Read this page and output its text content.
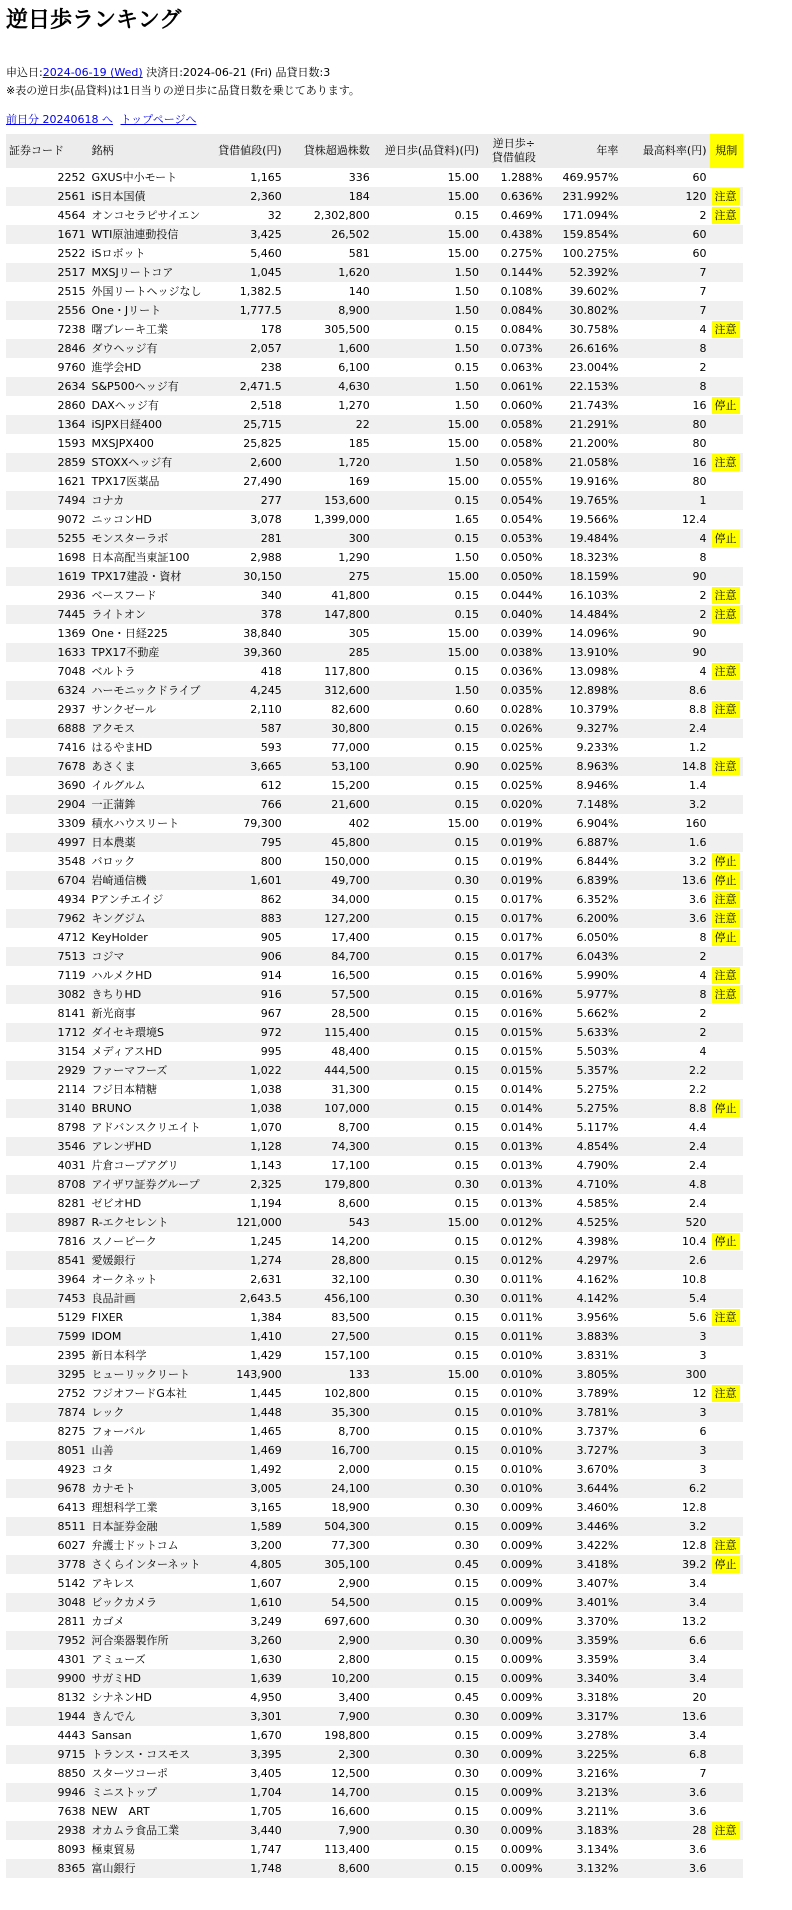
逆日歩ランキング
申込日:2024-06-19 (Wed) 決済日:2024-06-21 (Fri) 品貸日数:3
※表の逆日歩(品貸料)は1日当りの逆日歩に品貸日数を乗じてあります。
前日分 20240618 へ トップページへ
証券コード	銘柄	貸借値段(円)	貸株超過株数	逆日歩(品貸料)(円)	逆日歩÷
貸借値段	年率	最高料率(円)	規制
2252	GXUS中小モート	1,165	336	15.00	1.288%	469.957%	60	
2561	iS日本国債	2,360	184	15.00	0.636%	231.992%	120	注意
4564	オンコセラピサイエン	32	2,302,800	0.15	0.469%	171.094%	2	注意
1671	WTI原油連動投信	3,425	26,502	15.00	0.438%	159.854%	60	
2522	iSロボット	5,460	581	15.00	0.275%	100.275%	60	
2517	MXSJリートコア	1,045	1,620	1.50	0.144%	52.392%	7	
2515	外国リートヘッジなし	1,382.5	140	1.50	0.108%	39.602%	7	
2556	One・Jリート	1,777.5	8,900	1.50	0.084%	30.802%	7	
7238	曙ブレーキ工業	178	305,500	0.15	0.084%	30.758%	4	注意
2846	ダウヘッジ有	2,057	1,600	1.50	0.073%	26.616%	8	
9760	進学会HD	238	6,100	0.15	0.063%	23.004%	2	
2634	S&P500ヘッジ有	2,471.5	4,630	1.50	0.061%	22.153%	8	
2860	DAXヘッジ有	2,518	1,270	1.50	0.060%	21.743%	16	停止
1364	iSJPX日経400	25,715	22	15.00	0.058%	21.291%	80	
1593	MXSJPX400	25,825	185	15.00	0.058%	21.200%	80	
2859	STOXXヘッジ有	2,600	1,720	1.50	0.058%	21.058%	16	注意
1621	TPX17医薬品	27,490	169	15.00	0.055%	19.916%	80	
7494	コナカ	277	153,600	0.15	0.054%	19.765%	1	
9072	ニッコンHD	3,078	1,399,000	1.65	0.054%	19.566%	12.4	
5255	モンスターラボ	281	300	0.15	0.053%	19.484%	4	停止
1698	日本高配当東証100	2,988	1,290	1.50	0.050%	18.323%	8	
1619	TPX17建設・資材	30,150	275	15.00	0.050%	18.159%	90	
2936	ベースフード	340	41,800	0.15	0.044%	16.103%	2	注意
7445	ライトオン	378	147,800	0.15	0.040%	14.484%	2	注意
1369	One・日経225	38,840	305	15.00	0.039%	14.096%	90	
1633	TPX17不動産	39,360	285	15.00	0.038%	13.910%	90	
7048	ベルトラ	418	117,800	0.15	0.036%	13.098%	4	注意
6324	ハーモニックドライブ	4,245	312,600	1.50	0.035%	12.898%	8.6	
2937	サンクゼール	2,110	82,600	0.60	0.028%	10.379%	8.8	注意
6888	アクモス	587	30,800	0.15	0.026%	9.327%	2.4	
7416	はるやまHD	593	77,000	0.15	0.025%	9.233%	1.2	
7678	あさくま	3,665	53,100	0.90	0.025%	8.963%	14.8	注意
3690	イルグルム	612	15,200	0.15	0.025%	8.946%	1.4	
2904	一正蒲鉾	766	21,600	0.15	0.020%	7.148%	3.2	
3309	積水ハウスリート	79,300	402	15.00	0.019%	6.904%	160	
4997	日本農薬	795	45,800	0.15	0.019%	6.887%	1.6	
3548	バロック	800	150,000	0.15	0.019%	6.844%	3.2	停止
6704	岩崎通信機	1,601	49,700	0.30	0.019%	6.839%	13.6	停止
4934	Pアンチエイジ	862	34,000	0.15	0.017%	6.352%	3.6	注意
7962	キングジム	883	127,200	0.15	0.017%	6.200%	3.6	注意
4712	KeyHolder	905	17,400	0.15	0.017%	6.050%	8	停止
7513	コジマ	906	84,700	0.15	0.017%	6.043%	2	
7119	ハルメクHD	914	16,500	0.15	0.016%	5.990%	4	注意
3082	きちりHD	916	57,500	0.15	0.016%	5.977%	8	注意
8141	新光商事	967	28,500	0.15	0.016%	5.662%	2	
1712	ダイセキ環境S	972	115,400	0.15	0.015%	5.633%	2	
3154	メディアスHD	995	48,400	0.15	0.015%	5.503%	4	
2929	ファーマフーズ	1,022	444,500	0.15	0.015%	5.357%	2.2	
2114	フジ日本精糖	1,038	31,300	0.15	0.014%	5.275%	2.2	
3140	BRUNO	1,038	107,000	0.15	0.014%	5.275%	8.8	停止
8798	アドバンスクリエイト	1,070	8,700	0.15	0.014%	5.117%	4.4	
3546	アレンザHD	1,128	74,300	0.15	0.013%	4.854%	2.4	
4031	片倉コープアグリ	1,143	17,100	0.15	0.013%	4.790%	2.4	
8708	アイザワ証券グループ	2,325	179,800	0.30	0.013%	4.710%	4.8	
8281	ゼビオHD	1,194	8,600	0.15	0.013%	4.585%	2.4	
8987	R-エクセレント	121,000	543	15.00	0.012%	4.525%	520	
7816	スノーピーク	1,245	14,200	0.15	0.012%	4.398%	10.4	停止
8541	愛媛銀行	1,274	28,800	0.15	0.012%	4.297%	2.6	
3964	オークネット	2,631	32,100	0.30	0.011%	4.162%	10.8	
7453	良品計画	2,643.5	456,100	0.30	0.011%	4.142%	5.4	
5129	FIXER	1,384	83,500	0.15	0.011%	3.956%	5.6	注意
7599	IDOM	1,410	27,500	0.15	0.011%	3.883%	3	
2395	新日本科学	1,429	157,100	0.15	0.010%	3.831%	3	
3295	ヒューリックリート	143,900	133	15.00	0.010%	3.805%	300	
2752	フジオフードG本社	1,445	102,800	0.15	0.010%	3.789%	12	注意
7874	レック	1,448	35,300	0.15	0.010%	3.781%	3	
8275	フォーバル	1,465	8,700	0.15	0.010%	3.737%	6	
8051	山善	1,469	16,700	0.15	0.010%	3.727%	3	
4923	コタ	1,492	2,000	0.15	0.010%	3.670%	3	
9678	カナモト	3,005	24,100	0.30	0.010%	3.644%	6.2	
6413	理想科学工業	3,165	18,900	0.30	0.009%	3.460%	12.8	
8511	日本証券金融	1,589	504,300	0.15	0.009%	3.446%	3.2	
6027	弁護士ドットコム	3,200	77,300	0.30	0.009%	3.422%	12.8	注意
3778	さくらインターネット	4,805	305,100	0.45	0.009%	3.418%	39.2	停止
5142	アキレス	1,607	2,900	0.15	0.009%	3.407%	3.4	
3048	ビックカメラ	1,610	54,500	0.15	0.009%	3.401%	3.4	
2811	カゴメ	3,249	697,600	0.30	0.009%	3.370%	13.2	
7952	河合楽器製作所	3,260	2,900	0.30	0.009%	3.359%	6.6	
4301	アミューズ	1,630	2,800	0.15	0.009%	3.359%	3.4	
9900	サガミHD	1,639	10,200	0.15	0.009%	3.340%	3.4	
8132	シナネンHD	4,950	3,400	0.45	0.009%	3.318%	20	
1944	きんでん	3,301	7,900	0.30	0.009%	3.317%	13.6	
4443	Sansan	1,670	198,800	0.15	0.009%	3.278%	3.4	
9715	トランス・コスモス	3,395	2,300	0.30	0.009%	3.225%	6.8	
8850	スターツコーポ	3,405	12,500	0.30	0.009%	3.216%	7	
9946	ミニストップ	1,704	14,700	0.15	0.009%	3.213%	3.6	
7638	NEW　ART	1,705	16,600	0.15	0.009%	3.211%	3.6	
2938	オカムラ食品工業	3,440	7,900	0.30	0.009%	3.183%	28	注意
8093	極東貿易	1,747	113,400	0.15	0.009%	3.134%	3.6	
8365	富山銀行	1,748	8,600	0.15	0.009%	3.132%	3.6	
